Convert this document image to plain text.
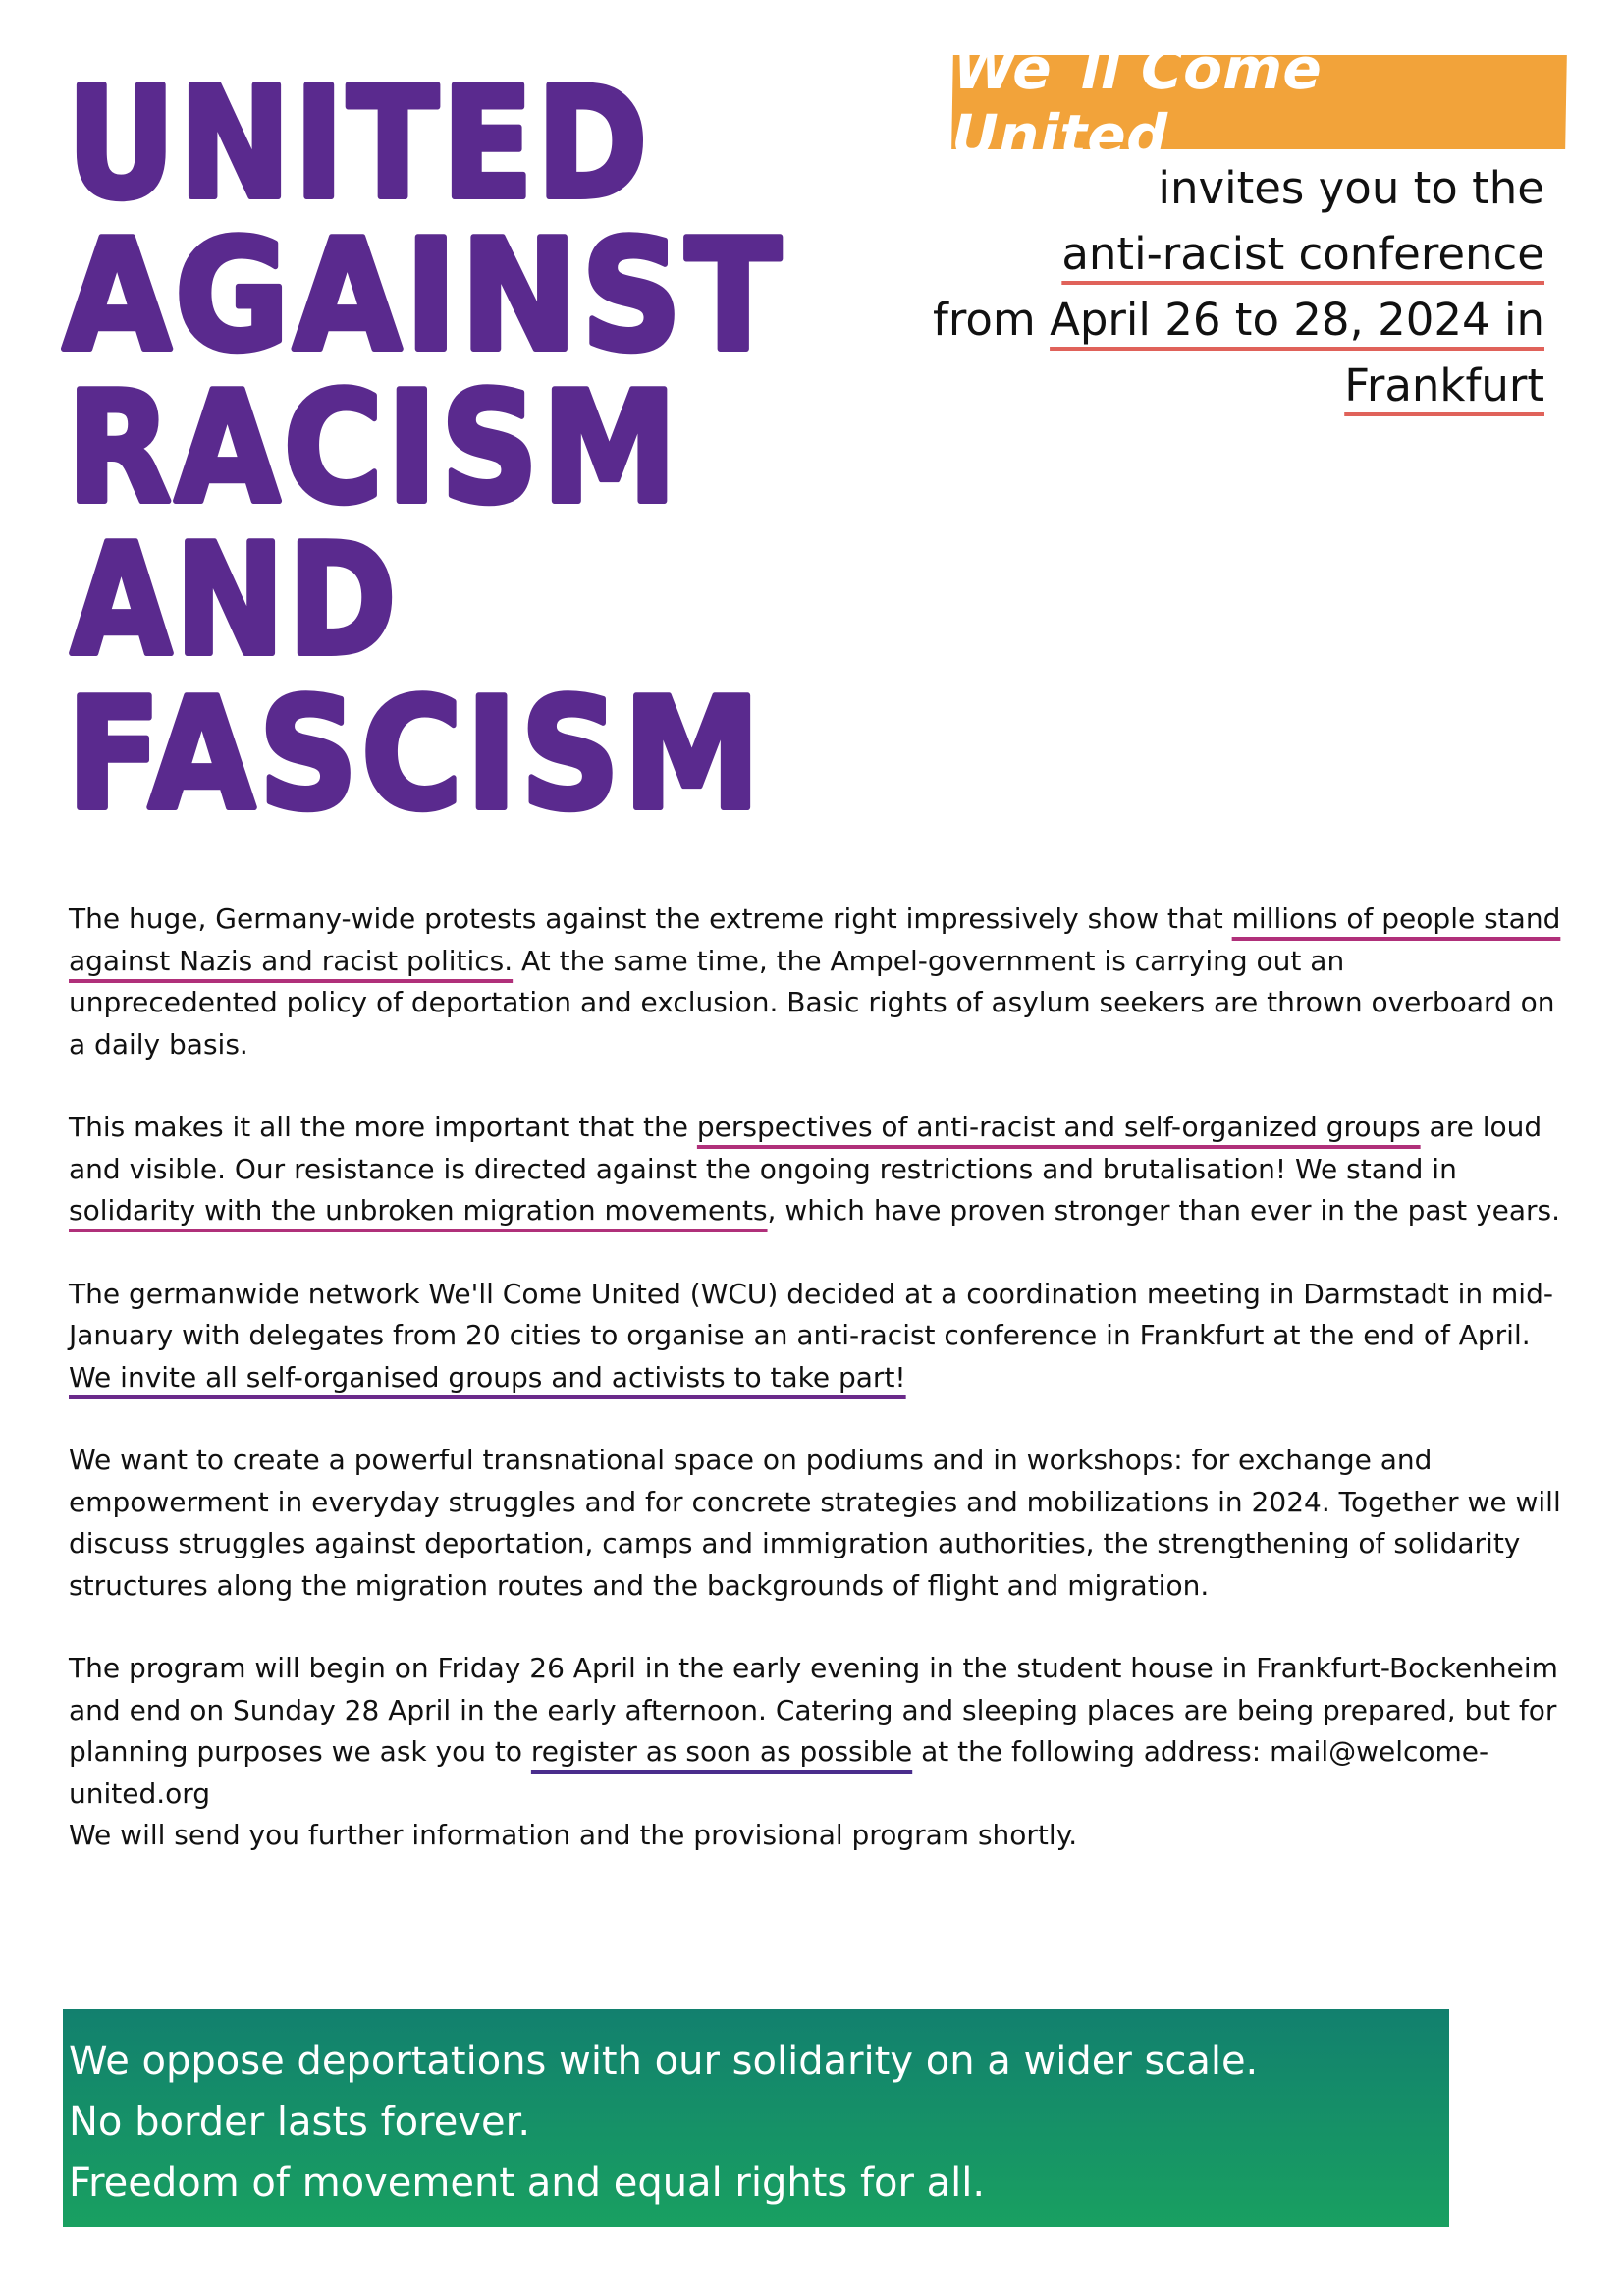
UNITED
AGAINST
RACISM
AND
FASCISM
We`ll Come United
invites you to the
anti-racist conference
from April 26 to 28, 2024 in
Frankfurt

The huge, Germany-wide protests against the extreme right impressively show that millions of people stand against Nazis and racist politics. At the same time, the Ampel-government is carrying out an unprecedented policy of deportation and exclusion. Basic rights of asylum seekers are thrown overboard on a daily basis.

This makes it all the more important that the perspectives of anti-racist and self-organized groups are loud and visible. Our resistance is directed against the ongoing restrictions and brutalisation! We stand in solidarity with the unbroken migration movements, which have proven stronger than ever in the past years.

The germanwide network We'll Come United (WCU) decided at a coordination meeting in Darmstadt in mid-January with delegates from 20 cities to organise an anti-racist conference in Frankfurt at the end of April. We invite all self-organised groups and activists to take part!

We want to create a powerful transnational space on podiums and in workshops: for exchange and empowerment in everyday struggles and for concrete strategies and mobilizations in 2024. Together we will discuss struggles against deportation, camps and immigration authorities, the strengthening of solidarity structures along the migration routes and the backgrounds of flight and migration.

The program will begin on Friday 26 April in the early evening in the student house in Frankfurt-Bockenheim and end on Sunday 28 April in the early afternoon. Catering and sleeping places are being prepared, but for planning purposes we ask you to register as soon as possible at the following address: mail@welcome-united.org
We will send you further information and the provisional program shortly.

We oppose deportations with our solidarity on a wider scale.
No border lasts forever.
Freedom of movement and equal rights for all.
